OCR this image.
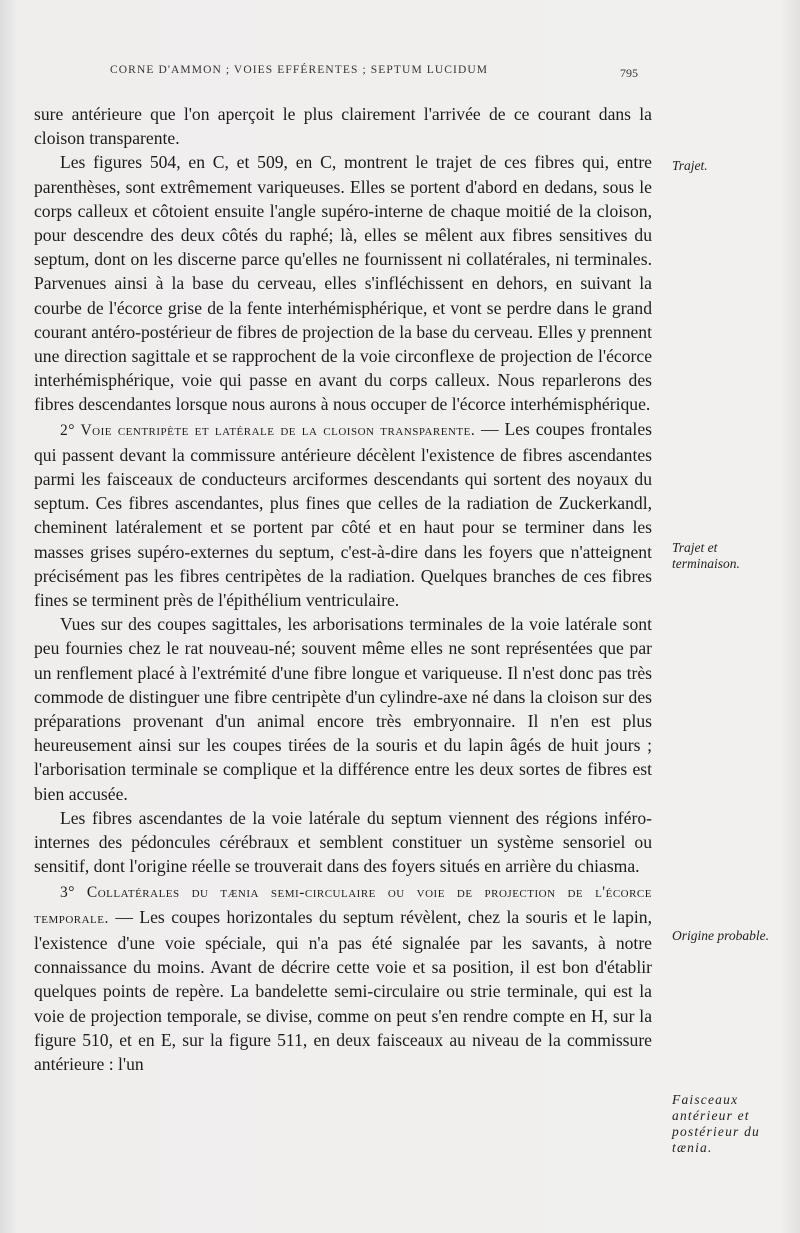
CORNE D'AMMON ; VOIES EFFÉRENTES ; SEPTUM LUCIDUM	795

sure antérieure que l'on aperçoit le plus clairement l'arrivée de ce courant dans la cloison transparente.

Les figures 504, en C, et 509, en C, montrent le trajet de ces fibres qui, entre parenthèses, sont extrêmement variqueuses. Elles se portent d'abord en dedans, sous le corps calleux et côtoient ensuite l'angle supéro-interne de chaque moitié de la cloison, pour descendre des deux côtés du raphé; là, elles se mêlent aux fibres sensitives du septum, dont on les discerne parce qu'elles ne fournissent ni collatérales, ni terminales. Parvenues ainsi à la base du cerveau, elles s'infléchissent en dehors, en suivant la courbe de l'écorce grise de la fente interhémisphérique, et vont se perdre dans le grand courant antéro-postérieur de fibres de projection de la base du cerveau. Elles y prennent une direction sagittale et se rapprochent de la voie circonflexe de projection de l'écorce interhémisphérique, voie qui passe en avant du corps calleux. Nous reparlerons des fibres descendantes lorsque nous aurons à nous occuper de l'écorce interhémisphérique.

2° Voie centripète et latérale de la cloison transparente. — Les coupes frontales qui passent devant la commissure antérieure décèlent l'existence de fibres ascendantes parmi les faisceaux de conducteurs arciformes descendants qui sortent des noyaux du septum. Ces fibres ascendantes, plus fines que celles de la radiation de Zuckerkandl, cheminent latéralement et se portent par côté et en haut pour se terminer dans les masses grises supéro-externes du septum, c'est-à-dire dans les foyers que n'atteignent précisément pas les fibres centripètes de la radiation. Quelques branches de ces fibres fines se terminent près de l'épithélium ventriculaire.

Vues sur des coupes sagittales, les arborisations terminales de la voie latérale sont peu fournies chez le rat nouveau-né; souvent même elles ne sont représentées que par un renflement placé à l'extrémité d'une fibre longue et variqueuse. Il n'est donc pas très commode de distinguer une fibre centripète d'un cylindre-axe né dans la cloison sur des préparations provenant d'un animal encore très embryonnaire. Il n'en est plus heureusement ainsi sur les coupes tirées de la souris et du lapin âgés de huit jours ; l'arborisation terminale se complique et la différence entre les deux sortes de fibres est bien accusée.

Les fibres ascendantes de la voie latérale du septum viennent des régions inféro-internes des pédoncules cérébraux et semblent constituer un système sensoriel ou sensitif, dont l'origine réelle se trouverait dans des foyers situés en arrière du chiasma.

3° Collatérales du tænia semi-circulaire ou voie de projection de l'écorce temporale. — Les coupes horizontales du septum révèlent, chez la souris et le lapin, l'existence d'une voie spéciale, qui n'a pas été signalée par les savants, à notre connaissance du moins. Avant de décrire cette voie et sa position, il est bon d'établir quelques points de repère. La bandelette semi-circulaire ou strie terminale, qui est la voie de projection temporale, se divise, comme on peut s'en rendre compte en H, sur la figure 510, et en E, sur la figure 511, en deux faisceaux au niveau de la commissure antérieure : l'un

Trajet.
Trajet et terminaison.
Origine probable.
Faisceaux antérieur et postérieur du tænia.
